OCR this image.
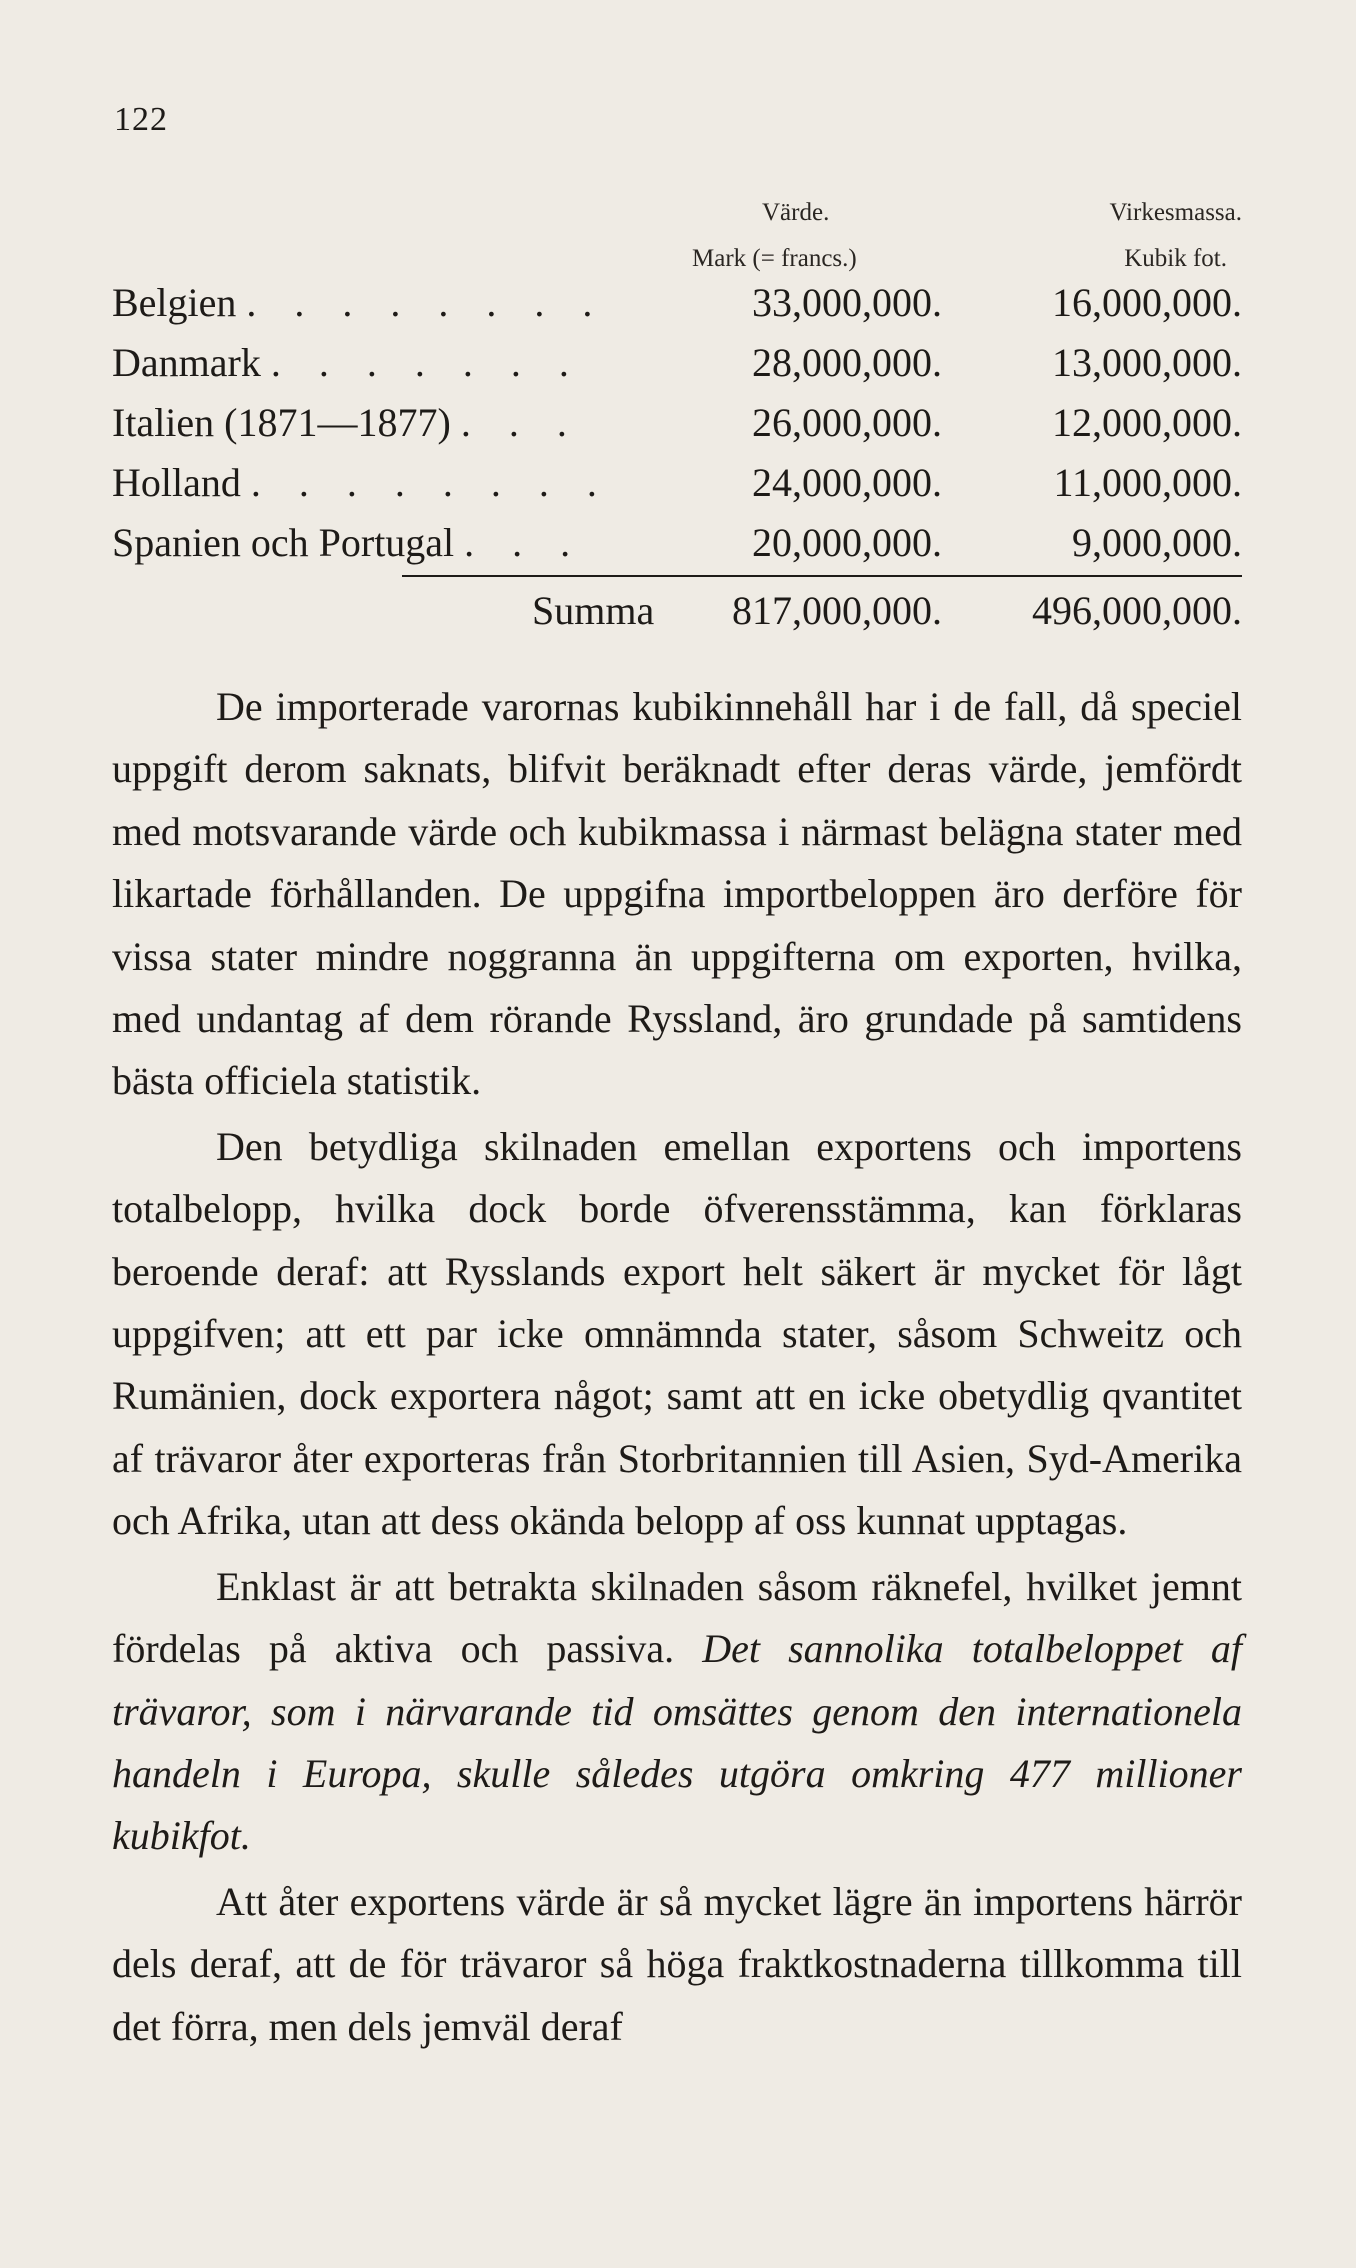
122
Värde.
Mark (= francs.)
Virkesmassa.
Kubik fot.
Belgien . . . . . . . .	33,000,000.	16,000,000.
Danmark . . . . . . .	28,000,000.	13,000,000.
Italien (1871—1877) . . .	26,000,000.	12,000,000.
Holland . . . . . . . .	24,000,000.	11,000,000.
Spanien och Portugal . . .	20,000,000.	9,000,000.
Summa 817,000,000.	496,000,000.

De importerade varornas kubikinnehåll har i de fall, då speciel uppgift derom saknats, blifvit beräknadt efter deras värde, jemfördt med motsvarande värde och kubikmassa i närmast belägna stater med likartade förhållanden. De uppgifna importbeloppen äro derföre för vissa stater mindre noggranna än uppgifterna om exporten, hvilka, med undantag af dem rörande Ryssland, äro grundade på samtidens bästa officiela statistik.

Den betydliga skilnaden emellan exportens och importens totalbelopp, hvilka dock borde öfverensstämma, kan förklaras beroende deraf: att Rysslands export helt säkert är mycket för lågt uppgifven; att ett par icke omnämnda stater, såsom Schweitz och Rumänien, dock exportera något; samt att en icke obetydlig qvantitet af trävaror åter exporteras från Storbritannien till Asien, Syd-Amerika och Afrika, utan att dess okända belopp af oss kunnat upptagas.

Enklast är att betrakta skilnaden såsom räknefel, hvilket jemnt fördelas på aktiva och passiva. Det sannolika totalbeloppet af trävaror, som i närvarande tid omsättes genom den internationela handeln i Europa, skulle således utgöra omkring 477 millioner kubikfot.

Att åter exportens värde är så mycket lägre än importens härrör dels deraf, att de för trävaror så höga fraktkostnaderna tillkomma till det förra, men dels jemväl deraf
